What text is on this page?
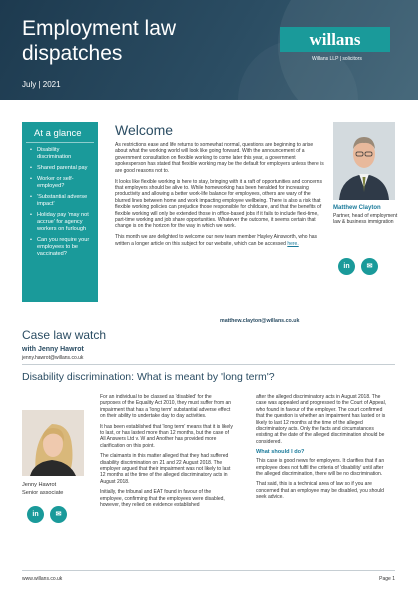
Employment law
dispatches
July | 2021
willans
Willans LLP | solicitors
At a glance
• Disability discrimination
• Shared parental pay
• Worker or self-employed?
• 'Substantial adverse impact'
• Holiday pay 'may not accrue' for agency workers on furlough
• Can you require your employees to be vaccinated?
Welcome

As restrictions ease and life returns to somewhat normal, questions are beginning to arise about what the working world will look like going forward. With the announcement of a government consultation on flexible working to come later this year, a government spokesperson has stated that flexible working may be the default for employers unless there is are good reasons not to.

It looks like flexible working is here to stay, bringing with it a raft of opportunities and concerns that employers should be alive to. While homeworking has been heralded for increasing productivity and allowing a better work-life balance for employees, others are wary of the blurred lines between home and work impacting employee wellbeing. There is also a risk that flexible working policies can prejudice those responsible for childcare, and that the benefits of flexible working will only be extended those in office-based jobs if it fails to include flexi-time, part-time working and job share opportunities. Whatever the outcome, it seems certain that change is on the horizon for the way in which we work.

This month we are delighted to welcome our new team member Hayley Ainsworth, who has written a longer article on this subject for our website, which can be accessed here.

matthew.clayton@willans.co.uk
Matthew Clayton
Partner, head of employment law & business immigration
in	✉
Case law watch
with Jenny Hawrot
jenny.hawrot@willans.co.uk
Disability discrimination: What is meant by 'long term'?
Jenny Hawrot
Senior associate
in	✉

For an individual to be classed as 'disabled' for the purposes of the Equality Act 2010, they must suffer from an impairment that has a 'long term' substantial adverse effect on their ability to undertake day to day activities.

It has been established that 'long term' means that it is likely to last, or has lasted more than 12 months, but the case of All Answers Ltd v. W and Another has provided more clarification on this point.

The claimants in this matter alleged that they had suffered disability discrimination on 21 and 22 August 2018. The employer argued that their impairment was not likely to last 12 months at the time of the alleged discriminatory acts in August 2018.

Initially, the tribunal and EAT found in favour of the employee, confirming that the employees were disabled, however, they relied on evidence established

after the alleged discriminatory acts in August 2018. The case was appealed and progressed to the Court of Appeal, who found in favour of the employer. The court confirmed that the question is whether an impairment has lasted or is likely to last 12 months at the time of the alleged discriminatory acts. Only the facts and circumstances existing at the date of the alleged discrimination should be considered.

What should I do?

This case is good news for employers. It clarifies that if an employee does not fulfil the criteria of 'disability' until after the alleged discrimination, there will be no discrimination.

That said, this is a technical area of law so if you are concerned that an employee may be disabled, you should seek advice.

www.willans.co.uk	Page 1
